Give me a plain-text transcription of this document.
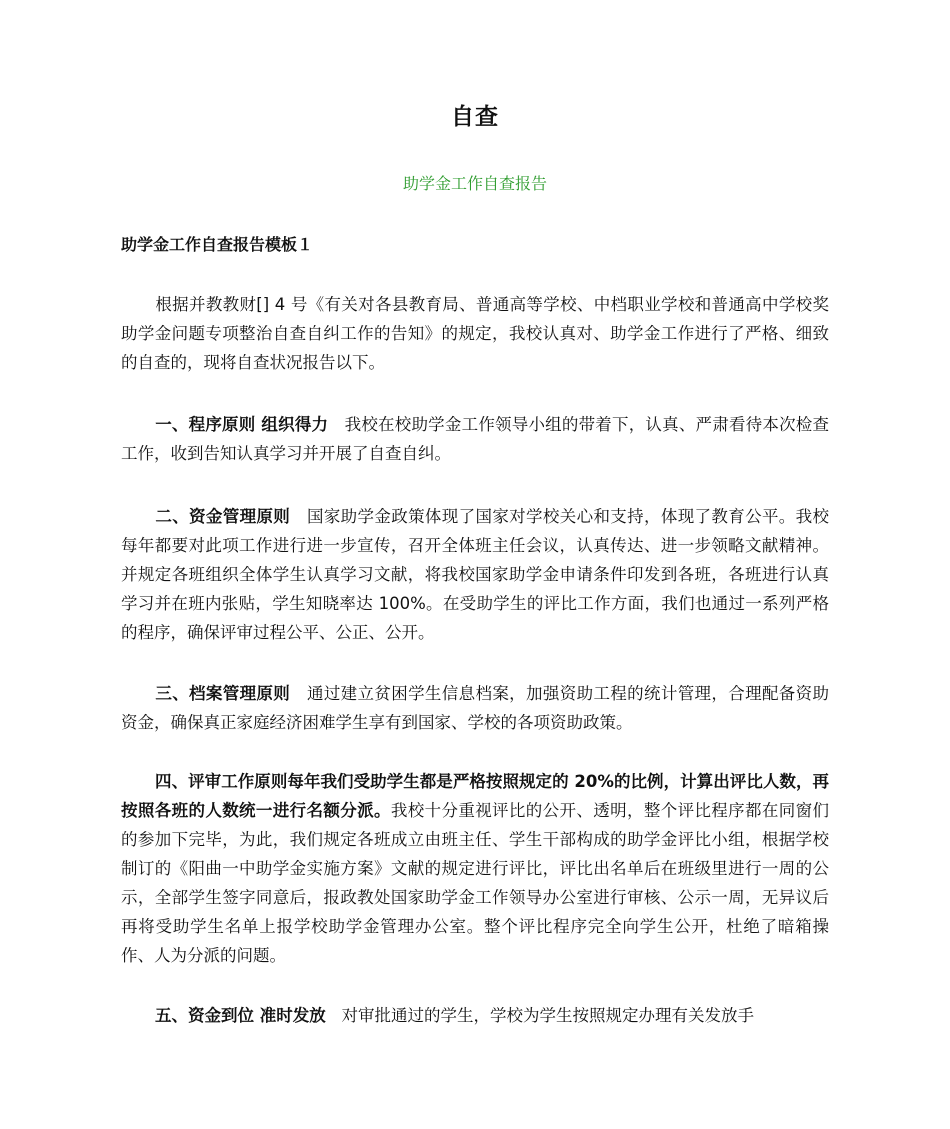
自查
助学金工作自查报告
助学金工作自查报告模板１

根据并教教财[] 4 号《有关对各县教育局、普通高等学校、中档职业学校和普通高中学校奖助学金问题专项整治自查自纠工作的告知》的规定，我校认真对、助学金工作进行了严格、细致的自查的，现将自查状况报告以下。

一、程序原则 组织得力 我校在校助学金工作领导小组的带着下，认真、严肃看待本次检查工作，收到告知认真学习并开展了自查自纠。

二、资金管理原则 国家助学金政策体现了国家对学校关心和支持，体现了教育公平。我校每年都要对此项工作进行进一步宣传，召开全体班主任会议，认真传达、进一步领略文献精神。并规定各班组织全体学生认真学习文献，将我校国家助学金申请条件印发到各班，各班进行认真学习并在班内张贴，学生知晓率达 100%。在受助学生的评比工作方面，我们也通过一系列严格的程序，确保评审过程公平、公正、公开。

三、档案管理原则 通过建立贫困学生信息档案，加强资助工程的统计管理，合理配备资助资金，确保真正家庭经济困难学生享有到国家、学校的各项资助政策。

四、评审工作原则每年我们受助学生都是严格按照规定的 20%的比例，计算出评比人数，再按照各班的人数统一进行名额分派。我校十分重视评比的公开、透明，整个评比程序都在同窗们的参加下完毕，为此，我们规定各班成立由班主任、学生干部构成的助学金评比小组，根据学校制订的《阳曲一中助学金实施方案》文献的规定进行评比，评比出名单后在班级里进行一周的公示，全部学生签字同意后，报政教处国家助学金工作领导办公室进行审核、公示一周，无异议后再将受助学生名单上报学校助学金管理办公室。整个评比程序完全向学生公开，杜绝了暗箱操作、人为分派的问题。

五、资金到位 准时发放 对审批通过的学生，学校为学生按照规定办理有关发放手
